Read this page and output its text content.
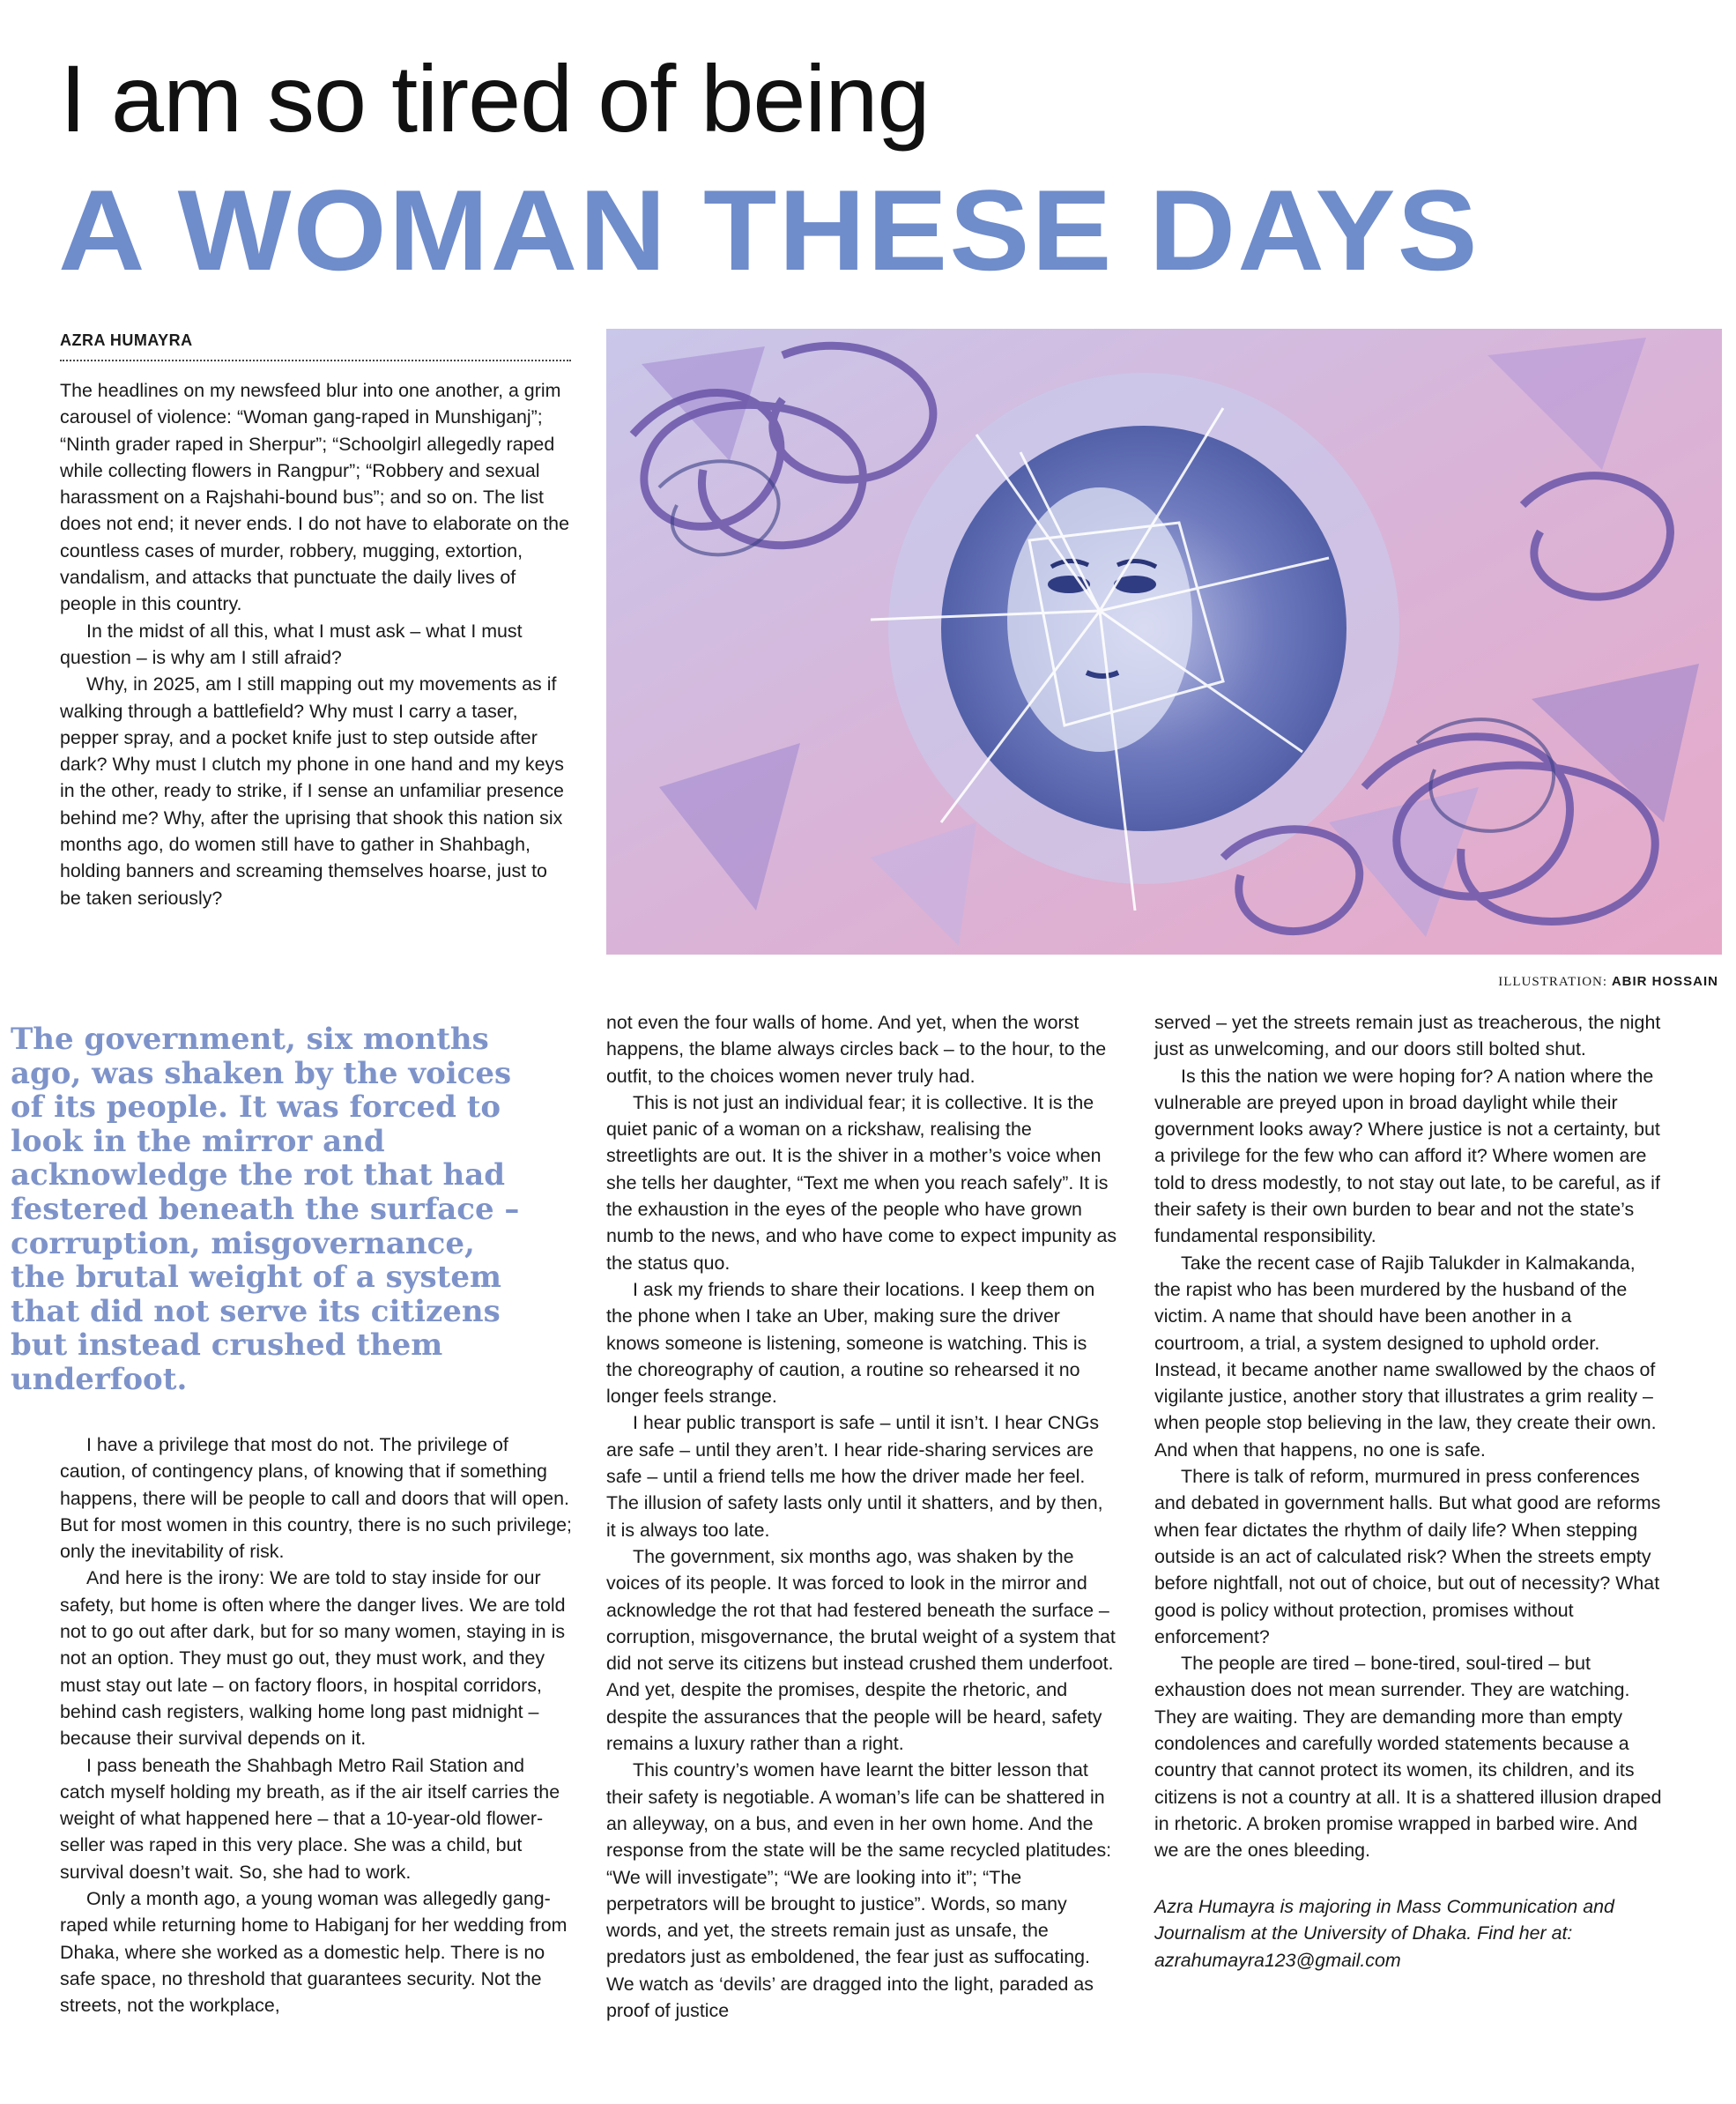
I am so tired of being
A WOMAN THESE DAYS
AZRA HUMAYRA

The headlines on my newsfeed blur into one another, a grim carousel of violence: “Woman gang-raped in Munshiganj”; “Ninth grader raped in Sherpur”; “Schoolgirl allegedly raped while collecting flowers in Rangpur”; “Robbery and sexual harassment on a Rajshahi-bound bus”; and so on. The list does not end; it never ends. I do not have to elaborate on the countless cases of murder, robbery, mugging, extortion, vandalism, and attacks that punctuate the daily lives of people in this country.

In the midst of all this, what I must ask – what I must question – is why am I still afraid?

Why, in 2025, am I still mapping out my movements as if walking through a battlefield? Why must I carry a taser, pepper spray, and a pocket knife just to step outside after dark? Why must I clutch my phone in one hand and my keys in the other, ready to strike, if I sense an unfamiliar presence behind me? Why, after the uprising that shook this nation six months ago, do women still have to gather in Shahbagh, holding banners and screaming themselves hoarse, just to be taken seriously?

ILLUSTRATION: ABIR HOSSAIN
The government, six months ago, was shaken by the voices of its people. It was forced to look in the mirror and acknowledge the rot that had festered beneath the surface – corruption, misgovernance, the brutal weight of a system that did not serve its citizens but instead crushed them underfoot.

I have a privilege that most do not. The privilege of caution, of contingency plans, of knowing that if something happens, there will be people to call and doors that will open. But for most women in this country, there is no such privilege; only the inevitability of risk.

And here is the irony: We are told to stay inside for our safety, but home is often where the danger lives. We are told not to go out after dark, but for so many women, staying in is not an option. They must go out, they must work, and they must stay out late – on factory floors, in hospital corridors, behind cash registers, walking home long past midnight – because their survival depends on it.

I pass beneath the Shahbagh Metro Rail Station and catch myself holding my breath, as if the air itself carries the weight of what happened here – that a 10-year-old flower-seller was raped in this very place. She was a child, but survival doesn’t wait. So, she had to work.

Only a month ago, a young woman was allegedly gang-raped while returning home to Habiganj for her wedding from Dhaka, where she worked as a domestic help. There is no safe space, no threshold that guarantees security. Not the streets, not the workplace,

not even the four walls of home. And yet, when the worst happens, the blame always circles back – to the hour, to the outfit, to the choices women never truly had.

This is not just an individual fear; it is collective. It is the quiet panic of a woman on a rickshaw, realising the streetlights are out. It is the shiver in a mother’s voice when she tells her daughter, “Text me when you reach safely”. It is the exhaustion in the eyes of the people who have grown numb to the news, and who have come to expect impunity as the status quo.

I ask my friends to share their locations. I keep them on the phone when I take an Uber, making sure the driver knows someone is listening, someone is watching. This is the choreography of caution, a routine so rehearsed it no longer feels strange.

I hear public transport is safe – until it isn’t. I hear CNGs are safe – until they aren’t. I hear ride-sharing services are safe – until a friend tells me how the driver made her feel. The illusion of safety lasts only until it shatters, and by then, it is always too late.

The government, six months ago, was shaken by the voices of its people. It was forced to look in the mirror and acknowledge the rot that had festered beneath the surface – corruption, misgovernance, the brutal weight of a system that did not serve its citizens but instead crushed them underfoot. And yet, despite the promises, despite the rhetoric, and despite the assurances that the people will be heard, safety remains a luxury rather than a right.

This country’s women have learnt the bitter lesson that their safety is negotiable. A woman’s life can be shattered in an alleyway, on a bus, and even in her own home. And the response from the state will be the same recycled platitudes: “We will investigate”; “We are looking into it”; “The perpetrators will be brought to justice”. Words, so many words, and yet, the streets remain just as unsafe, the predators just as emboldened, the fear just as suffocating. We watch as ‘devils’ are dragged into the light, paraded as proof of justice

served – yet the streets remain just as treacherous, the night just as unwelcoming, and our doors still bolted shut.

Is this the nation we were hoping for? A nation where the vulnerable are preyed upon in broad daylight while their government looks away? Where justice is not a certainty, but a privilege for the few who can afford it? Where women are told to dress modestly, to not stay out late, to be careful, as if their safety is their own burden to bear and not the state’s fundamental responsibility.

Take the recent case of Rajib Talukder in Kalmakanda, the rapist who has been murdered by the husband of the victim. A name that should have been another in a courtroom, a trial, a system designed to uphold order. Instead, it became another name swallowed by the chaos of vigilante justice, another story that illustrates a grim reality – when people stop believing in the law, they create their own. And when that happens, no one is safe.

There is talk of reform, murmured in press conferences and debated in government halls. But what good are reforms when fear dictates the rhythm of daily life? When stepping outside is an act of calculated risk? When the streets empty before nightfall, not out of choice, but out of necessity? What good is policy without protection, promises without enforcement?

The people are tired – bone-tired, soul-tired – but exhaustion does not mean surrender. They are watching. They are waiting. They are demanding more than empty condolences and carefully worded statements because a country that cannot protect its women, its children, and its citizens is not a country at all. It is a shattered illusion draped in rhetoric. A broken promise wrapped in barbed wire. And we are the ones bleeding.

Azra Humayra is majoring in Mass Communication and Journalism at the University of Dhaka. Find her at: azrahumayra123@gmail.com
